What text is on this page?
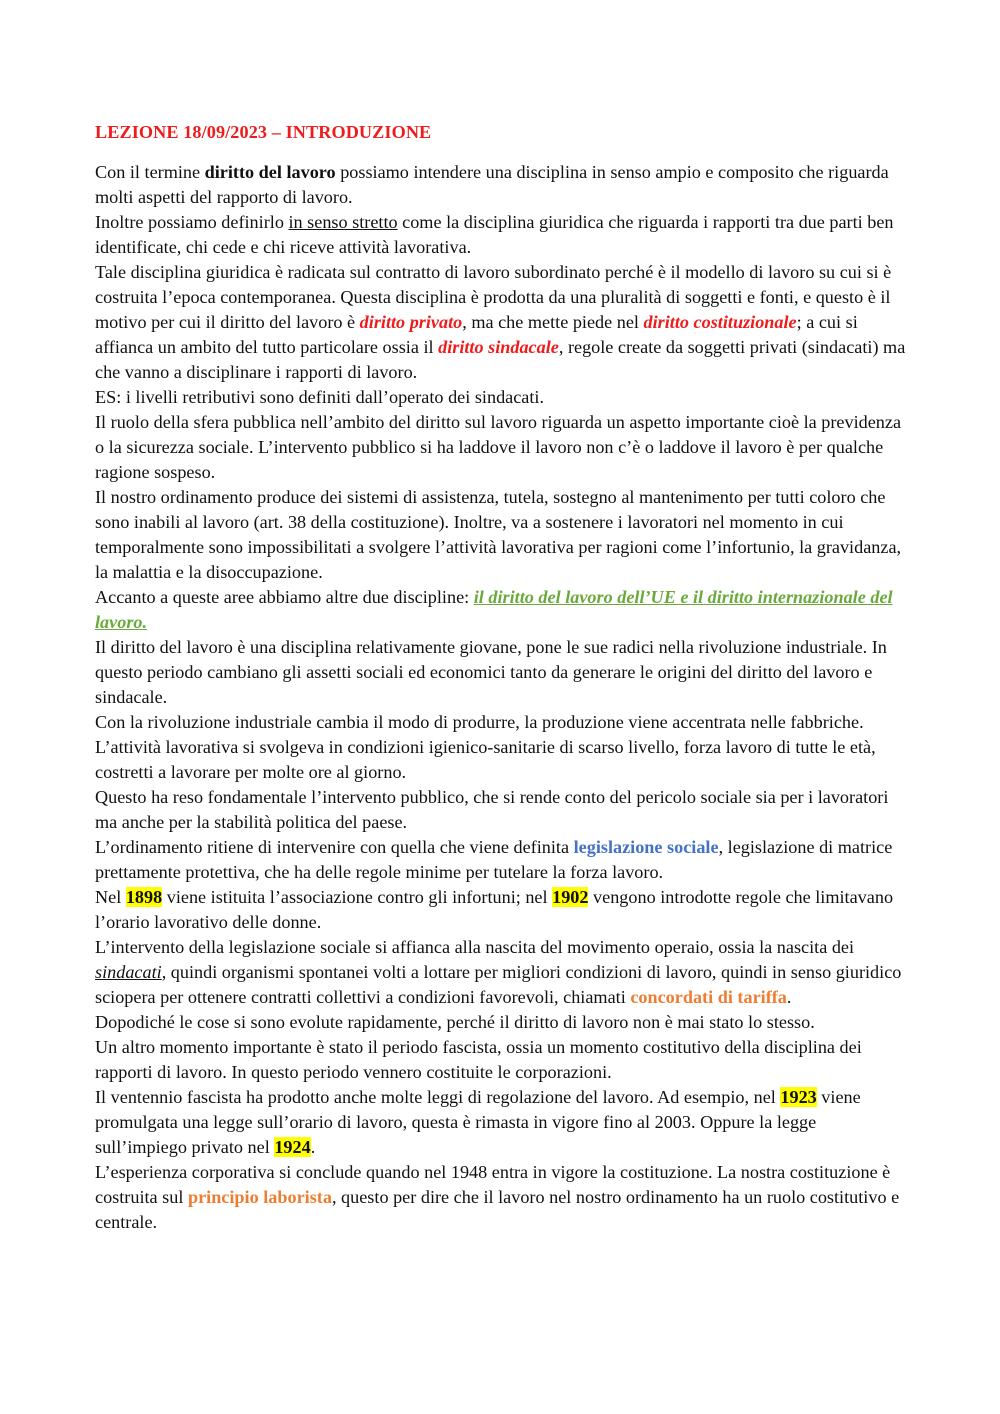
LEZIONE 18/09/2023 – INTRODUZIONE

Con il termine diritto del lavoro possiamo intendere una disciplina in senso ampio e composito che riguarda molti aspetti del rapporto di lavoro.

Inoltre possiamo definirlo in senso stretto come la disciplina giuridica che riguarda i rapporti tra due parti ben identificate, chi cede e chi riceve attività lavorativa.

Tale disciplina giuridica è radicata sul contratto di lavoro subordinato perché è il modello di lavoro su cui si è costruita l’epoca contemporanea. Questa disciplina è prodotta da una pluralità di soggetti e fonti, e questo è il motivo per cui il diritto del lavoro è diritto privato, ma che mette piede nel diritto costituzionale; a cui si affianca un ambito del tutto particolare ossia il diritto sindacale, regole create da soggetti privati (sindacati) ma che vanno a disciplinare i rapporti di lavoro.

ES: i livelli retributivi sono definiti dall’operato dei sindacati.

Il ruolo della sfera pubblica nell’ambito del diritto sul lavoro riguarda un aspetto importante cioè la previdenza o la sicurezza sociale. L’intervento pubblico si ha laddove il lavoro non c’è o laddove il lavoro è per qualche ragione sospeso.

Il nostro ordinamento produce dei sistemi di assistenza, tutela, sostegno al mantenimento per tutti coloro che sono inabili al lavoro (art. 38 della costituzione). Inoltre, va a sostenere i lavoratori nel momento in cui temporalmente sono impossibilitati a svolgere l’attività lavorativa per ragioni come l’infortunio, la gravidanza, la malattia e la disoccupazione.

Accanto a queste aree abbiamo altre due discipline: il diritto del lavoro dell’UE e il diritto internazionale del lavoro.

Il diritto del lavoro è una disciplina relativamente giovane, pone le sue radici nella rivoluzione industriale. In questo periodo cambiano gli assetti sociali ed economici tanto da generare le origini del diritto del lavoro e sindacale.

Con la rivoluzione industriale cambia il modo di produrre, la produzione viene accentrata nelle fabbriche. L’attività lavorativa si svolgeva in condizioni igienico-sanitarie di scarso livello, forza lavoro di tutte le età, costretti a lavorare per molte ore al giorno.

Questo ha reso fondamentale l’intervento pubblico, che si rende conto del pericolo sociale sia per i lavoratori ma anche per la stabilità politica del paese.

L’ordinamento ritiene di intervenire con quella che viene definita legislazione sociale, legislazione di matrice prettamente protettiva, che ha delle regole minime per tutelare la forza lavoro.

Nel 1898 viene istituita l’associazione contro gli infortuni; nel 1902 vengono introdotte regole che limitavano l’orario lavorativo delle donne.

L’intervento della legislazione sociale si affianca alla nascita del movimento operaio, ossia la nascita dei sindacati, quindi organismi spontanei volti a lottare per migliori condizioni di lavoro, quindi in senso giuridico sciopera per ottenere contratti collettivi a condizioni favorevoli, chiamati concordati di tariffa.

Dopodiché le cose si sono evolute rapidamente, perché il diritto di lavoro non è mai stato lo stesso.

Un altro momento importante è stato il periodo fascista, ossia un momento costitutivo della disciplina dei rapporti di lavoro. In questo periodo vennero costituite le corporazioni.

Il ventennio fascista ha prodotto anche molte leggi di regolazione del lavoro. Ad esempio, nel 1923 viene promulgata una legge sull’orario di lavoro, questa è rimasta in vigore fino al 2003. Oppure la legge sull’impiego privato nel 1924.

L’esperienza corporativa si conclude quando nel 1948 entra in vigore la costituzione. La nostra costituzione è costruita sul principio laborista, questo per dire che il lavoro nel nostro ordinamento ha un ruolo costitutivo e centrale.
